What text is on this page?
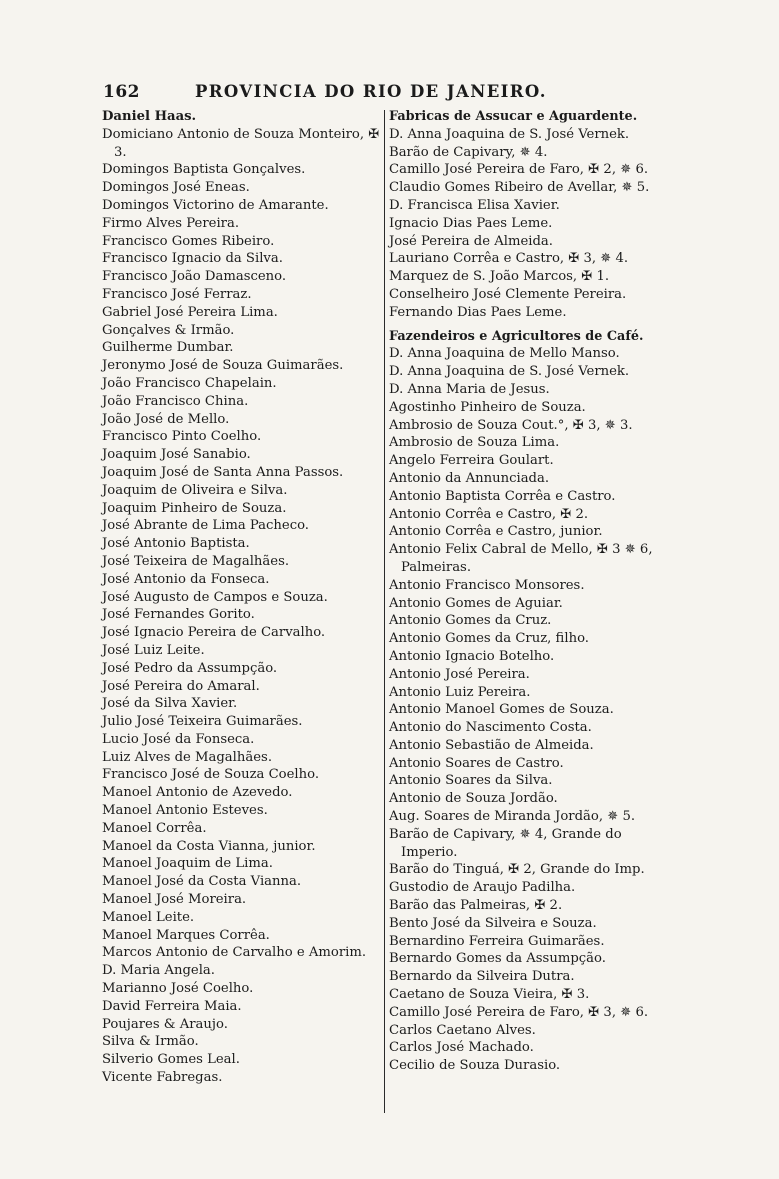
162	PROVINCIA DO RIO DE JANEIRO.
Daniel Haas.
Domiciano Antonio de Souza Monteiro, ✠ 3.
Domingos Baptista Gonçalves.
Domingos José Eneas.
Domingos Victorino de Amarante.
Firmo Alves Pereira.
Francisco Gomes Ribeiro.
Francisco Ignacio da Silva.
Francisco João Damasceno.
Francisco José Ferraz.
Gabriel José Pereira Lima.
Gonçalves & Irmão.
Guilherme Dumbar.
Jeronymo José de Souza Guimarães.
João Francisco Chapelain.
João Francisco China.
João José de Mello.
Francisco Pinto Coelho.
Joaquim José Sanabio.
Joaquim José de Santa Anna Passos.
Joaquim de Oliveira e Silva.
Joaquim Pinheiro de Souza.
José Abrante de Lima Pacheco.
José Antonio Baptista.
José Teixeira de Magalhães.
José Antonio da Fonseca.
José Augusto de Campos e Souza.
José Fernandes Gorito.
José Ignacio Pereira de Carvalho.
José Luiz Leite.
José Pedro da Assumpção.
José Pereira do Amaral.
José da Silva Xavier.
Julio José Teixeira Guimarães.
Lucio José da Fonseca.
Luiz Alves de Magalhães.
Francisco José de Souza Coelho.
Manoel Antonio de Azevedo.
Manoel Antonio Esteves.
Manoel Corrêa.
Manoel da Costa Vianna, junior.
Manoel Joaquim de Lima.
Manoel José da Costa Vianna.
Manoel José Moreira.
Manoel Leite.
Manoel Marques Corrêa.
Marcos Antonio de Carvalho e Amorim.
D. Maria Angela.
Marianno José Coelho.
David Ferreira Maia.
Poujares & Araujo.
Silva & Irmão.
Silverio Gomes Leal.
Vicente Fabregas.
Fabricas de Assucar e Aguardente.
D. Anna Joaquina de S. José Vernek.
Barão de Capivary, ✵ 4.
Camillo José Pereira de Faro, ✠ 2, ✵ 6.
Claudio Gomes Ribeiro de Avellar, ✵ 5.
D. Francisca Elisa Xavier.
Ignacio Dias Paes Leme.
José Pereira de Almeida.
Lauriano Corrêa e Castro, ✠ 3, ✵ 4.
Marquez de S. João Marcos, ✠ 1.
Conselheiro José Clemente Pereira.
Fernando Dias Paes Leme.
Fazendeiros e Agricultores de Café.
D. Anna Joaquina de Mello Manso.
D. Anna Joaquina de S. José Vernek.
D. Anna Maria de Jesus.
Agostinho Pinheiro de Souza.
Ambrosio de Souza Cout.°, ✠ 3, ✵ 3.
Ambrosio de Souza Lima.
Angelo Ferreira Goulart.
Antonio da Annunciada.
Antonio Baptista Corrêa e Castro.
Antonio Corrêa e Castro, ✠ 2.
Antonio Corrêa e Castro, junior.
Antonio Felix Cabral de Mello, ✠ 3 ✵ 6, Palmeiras.
Antonio Francisco Monsores.
Antonio Gomes de Aguiar.
Antonio Gomes da Cruz.
Antonio Gomes da Cruz, filho.
Antonio Ignacio Botelho.
Antonio José Pereira.
Antonio Luiz Pereira.
Antonio Manoel Gomes de Souza.
Antonio do Nascimento Costa.
Antonio Sebastião de Almeida.
Antonio Soares de Castro.
Antonio Soares da Silva.
Antonio de Souza Jordão.
Aug. Soares de Miranda Jordão, ✵ 5.
Barão de Capivary, ✵ 4, Grande do Imperio.
Barão do Tinguá, ✠ 2, Grande do Imp.
Gustodio de Araujo Padilha.
Barão das Palmeiras, ✠ 2.
Bento José da Silveira e Souza.
Bernardino Ferreira Guimarães.
Bernardo Gomes da Assumpção.
Bernardo da Silveira Dutra.
Caetano de Souza Vieira, ✠ 3.
Camillo José Pereira de Faro, ✠ 3, ✵ 6.
Carlos Caetano Alves.
Carlos José Machado.
Cecilio de Souza Durasio.
